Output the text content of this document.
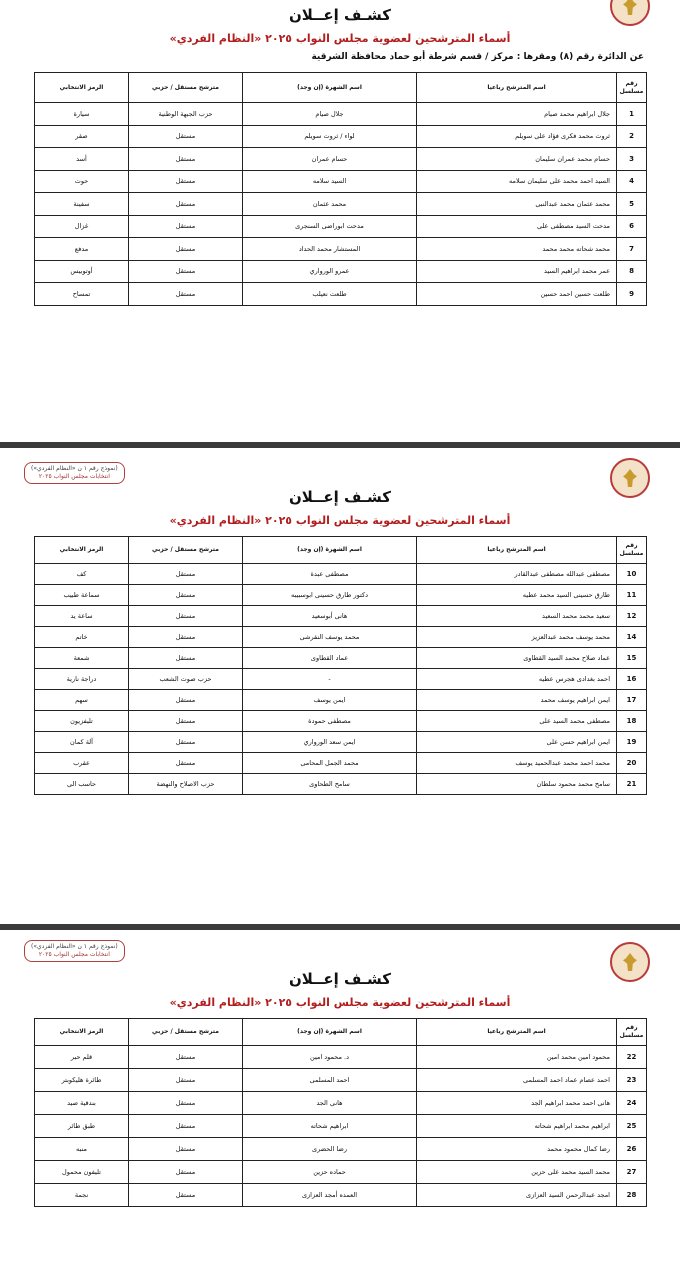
كشـف إعــلان
أسماء المترشحين لعضوية مجلس النواب ٢٠٢٥ «النظام الفردي»
عن الدائرة رقم (٨) ومقرها : مركز / قسم شرطة أبو حماد محافظة الشرقية
رقم مسلسل	اسم المترشح رباعيا	اسم الشهرة (إن وجد)	مترشح مستقل / حزبي	الرمز الانتخابي
1	جلال ابراهيم محمد صيام	جلال صيام	حزب الجبهة الوطنية	سيارة
2	ثروت محمد فكرى فؤاد على سويلم	لواء / ثروت سويلم	مستقل	صقر
3	حسام محمد عمران سليمان	حسام عمران	مستقل	أسد
4	السيد احمد محمد على سليمان سلامه	السيد سلامه	مستقل	حوت
5	محمد عثمان محمد عبدالنبى	محمد عثمان	مستقل	سفينة
6	مدحت السيد مصطفى على	مدحت ابوراضى السنجرى	مستقل	غزال
7	محمد شحاته محمد محمد	المستشار محمد الحداد	مستقل	مدفع
8	عمر محمد ابراهيم السيد	عمرو الورواري	مستقل	أوتوبيس
9	طلعت حسين احمد حسين	طلعت نعيلب	مستقل	تمساح
(نموذج رقم ١ ن «النظام الفردي»)
انتخابات مجلس النواب ٢٠٢٥
كشـف إعــلان
أسماء المترشحين لعضوية مجلس النواب ٢٠٢٥ «النظام الفردي»
رقم مسلسل	اسم المترشح رباعيا	اسم الشهرة (إن وجد)	مترشح مستقل / حزبي	الرمز الانتخابي
10	مصطفى عبدالله مصطفى عبدالقادر	مصطفى عبدة	مستقل	كف
11	طارق حسينى السيد محمد عطيه	دكتور طارق حسينى ابوسبيبه	مستقل	سماعة طبيب
12	سعيد محمد محمد السعيد	هانى أبوسعيد	مستقل	ساعة يد
14	محمد يوسف محمد عبدالعزيز	محمد يوسف النقرشى	مستقل	خاتم
15	عماد صلاح محمد السيد القطاوى	عماد القطاوى	مستقل	شمعة
16	احمد بغدادى هجرس عطيه	-	حزب صوت الشعب	دراجة نارية
17	ايمن ابراهيم يوسف محمد	ايمن يوسف	مستقل	سهم
18	مصطفى محمد السيد على	مصطفى حمودة	مستقل	تليفزيون
19	ايمن ابراهيم حسن على	ايمن سعد الورواري	مستقل	آلة كمان
20	محمد احمد محمد عبدالحميد يوسف	محمد الجمل المحامى	مستقل	عقرب
21	سامح محمد محمود سلطان	سامح الطحاوى	حزب الاصلاح والنهضة	حاسب الى
(نموذج رقم ١ ن «النظام الفردي»)
انتخابات مجلس النواب ٢٠٢٥
كشـف إعــلان
أسماء المترشحين لعضوية مجلس النواب ٢٠٢٥ «النظام الفردي»
رقم مسلسل	اسم المترشح رباعيا	اسم الشهرة (إن وجد)	مترشح مستقل / حزبي	الرمز الانتخابي
22	محمود امين محمد امين	د. محمود امين	مستقل	قلم حبر
23	احمد عصام عماد احمد المسلمى	احمد المسلمى	مستقل	طائرة هليكوبتر
24	هانى احمد محمد ابراهيم الجد	هانى الجد	مستقل	بندقية صيد
25	ابراهيم محمد ابراهيم شحاته	ابراهيم شحاته	مستقل	طبق طائر
26	رضا كمال محمود محمد	رضا الحضرى	مستقل	منبه
27	محمد السيد محمد على حزين	حماده حزين	مستقل	تليفون محمول
28	امجد عبدالرحمن السيد العزازى	العمده أمجد العزازى	مستقل	نجمة
